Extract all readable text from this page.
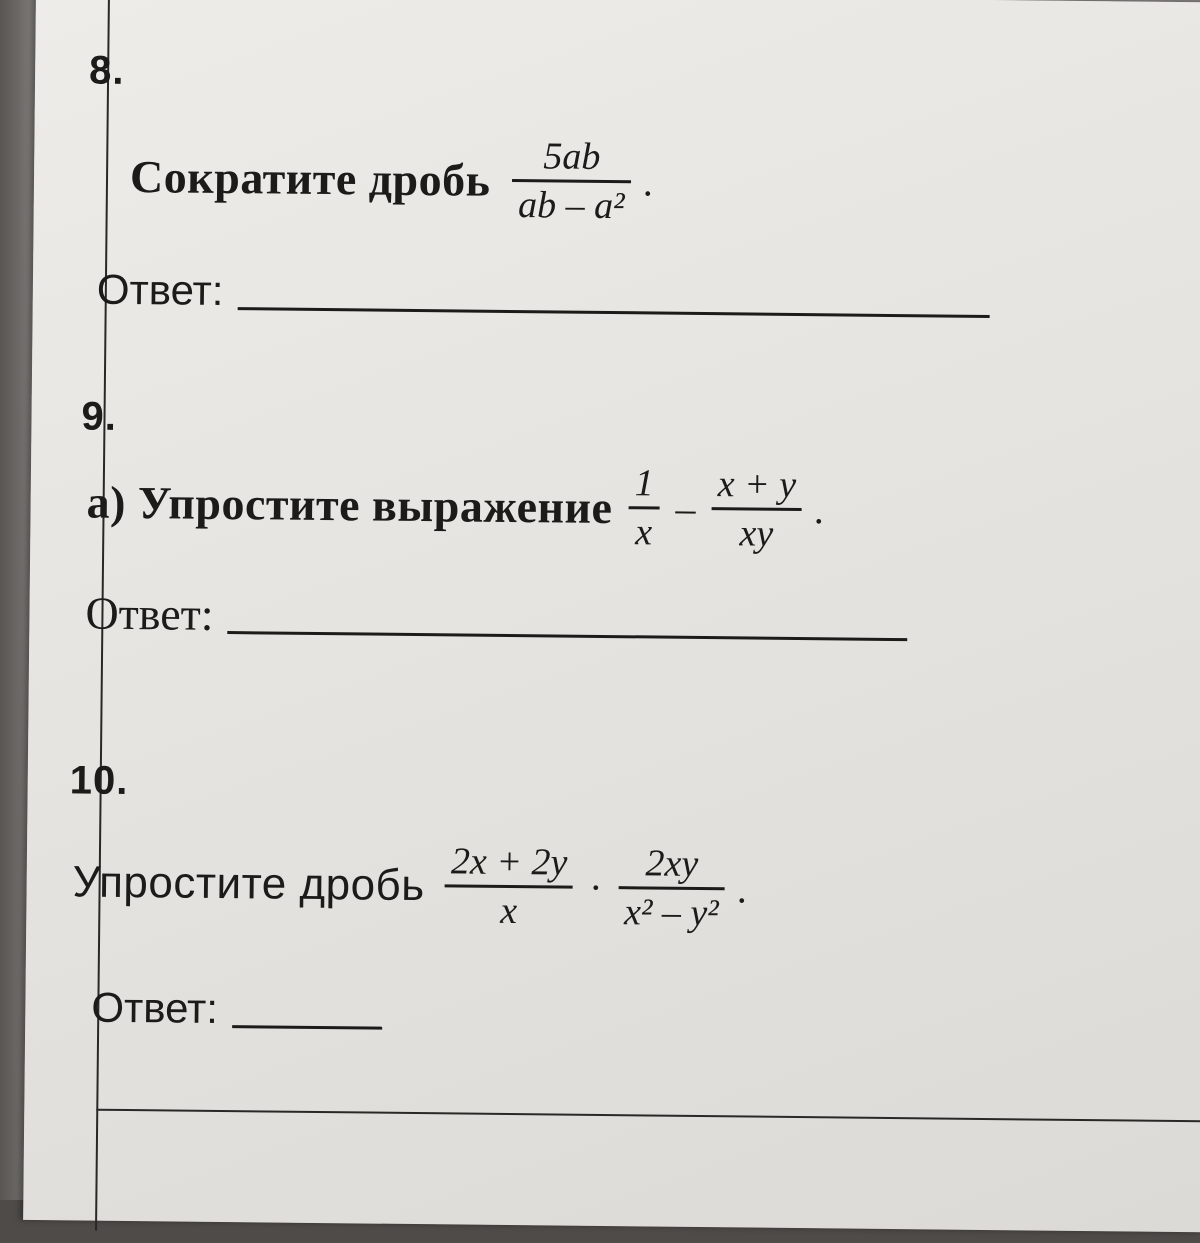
8.
Сократите дробь 5ab
ab – a²
.
Ответ:
9.
а) Упростите выражение $\frac{1}{x} - \frac{x + y}{xy}$ .
Ответ:
10.
Упростите дробь 2x + 2y
x
·
2xy
x² – y²
.
Ответ:
